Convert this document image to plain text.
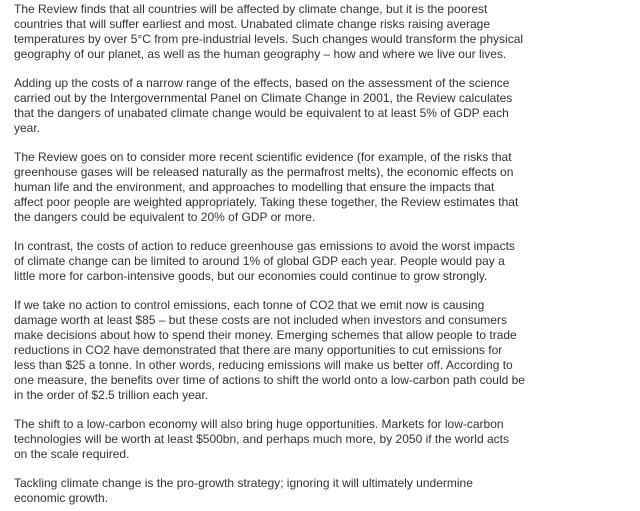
The Review finds that all countries will be affected by climate change, but it is the poorest
countries that will suffer earliest and most. Unabated climate change risks raising average
temperatures by over 5°C from pre-industrial levels. Such changes would transform the physical
geography of our planet, as well as the human geography – how and where we live our lives.

Adding up the costs of a narrow range of the effects, based on the assessment of the science
carried out by the Intergovernmental Panel on Climate Change in 2001, the Review calculates
that the dangers of unabated climate change would be equivalent to at least 5% of GDP each
year.

The Review goes on to consider more recent scientific evidence (for example, of the risks that
greenhouse gases will be released naturally as the permafrost melts), the economic effects on
human life and the environment, and approaches to modelling that ensure the impacts that
affect poor people are weighted appropriately. Taking these together, the Review estimates that
the dangers could be equivalent to 20% of GDP or more.

In contrast, the costs of action to reduce greenhouse gas emissions to avoid the worst impacts
of climate change can be limited to around 1% of global GDP each year. People would pay a
little more for carbon-intensive goods, but our economies could continue to grow strongly.

If we take no action to control emissions, each tonne of CO2 that we emit now is causing
damage worth at least $85 – but these costs are not included when investors and consumers
make decisions about how to spend their money. Emerging schemes that allow people to trade
reductions in CO2 have demonstrated that there are many opportunities to cut emissions for
less than $25 a tonne. In other words, reducing emissions will make us better off. According to
one measure, the benefits over time of actions to shift the world onto a low-carbon path could be
in the order of $2.5 trillion each year.

The shift to a low-carbon economy will also bring huge opportunities. Markets for low-carbon
technologies will be worth at least $500bn, and perhaps much more, by 2050 if the world acts
on the scale required.

Tackling climate change is the pro-growth strategy; ignoring it will ultimately undermine
economic growth.
